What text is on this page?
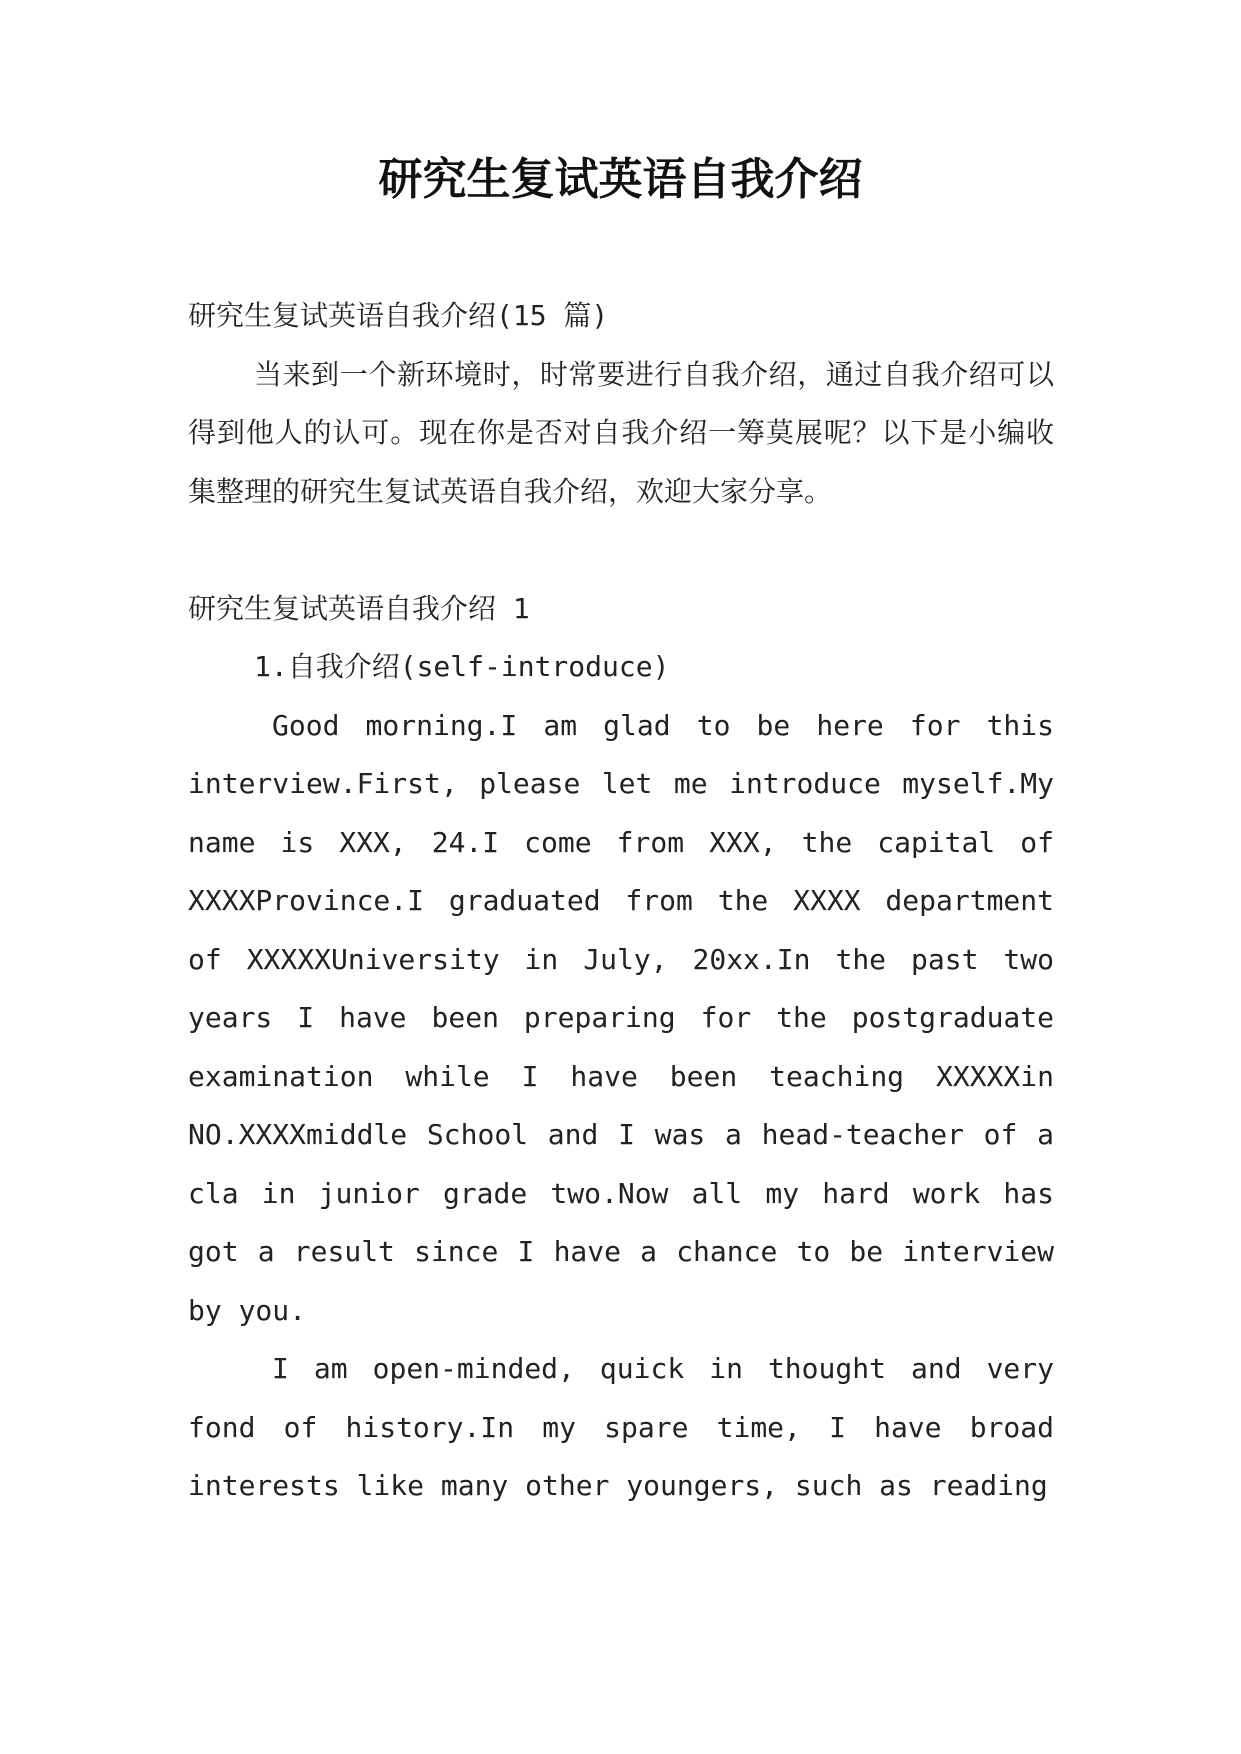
研究生复试英语自我介绍

研究生复试英语自我介绍(15 篇)

当来到一个新环境时，时常要进行自我介绍，通过自我介绍可以得到他人的认可。现在你是否对自我介绍一筹莫展呢？以下是小编收集整理的研究生复试英语自我介绍，欢迎大家分享。

研究生复试英语自我介绍 1

1.自我介绍(self-introduce)

Good morning.I am glad to be here for this interview.First, please let me introduce myself.My name is XXX, 24.I come from XXX, the capital of XXXXProvince.I graduated from the XXXX department of XXXXXUniversity in July, 20xx.In the past two years I have been preparing for the postgraduate examination while I have been teaching XXXXXin NO.XXXXmiddle School and I was a head-teacher of a cla in junior grade two.Now all my hard work has got a result since I have a chance to be interview by you.

I am open-minded, quick in thought and very fond of history.In my spare time, I have broad interests like many other youngers, such as reading
